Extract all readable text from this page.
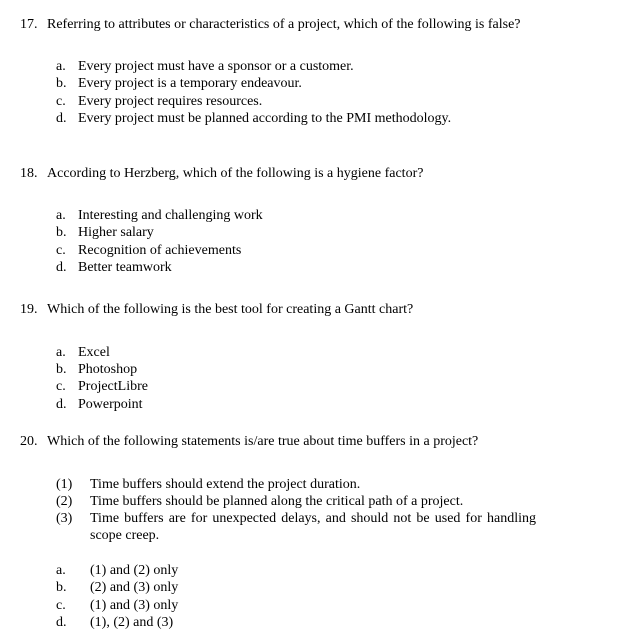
17. Referring to attributes or characteristics of a project, which of the following is false?
a. Every project must have a sponsor or a customer.
b. Every project is a temporary endeavour.
c. Every project requires resources.
d. Every project must be planned according to the PMI methodology.
18. According to Herzberg, which of the following is a hygiene factor?
a. Interesting and challenging work
b. Higher salary
c. Recognition of achievements
d. Better teamwork
19. Which of the following is the best tool for creating a Gantt chart?
a. Excel
b. Photoshop
c. ProjectLibre
d. Powerpoint
20. Which of the following statements is/are true about time buffers in a project?
(1)	Time buffers should extend the project duration.
(2)	Time buffers should be planned along the critical path of a project.
(3)	Time buffers are for unexpected delays, and should not be used for handling scope creep.
a.	(1) and (2) only
b.	(2) and (3) only
c.	(1) and (3) only
d.	(1), (2) and (3)
